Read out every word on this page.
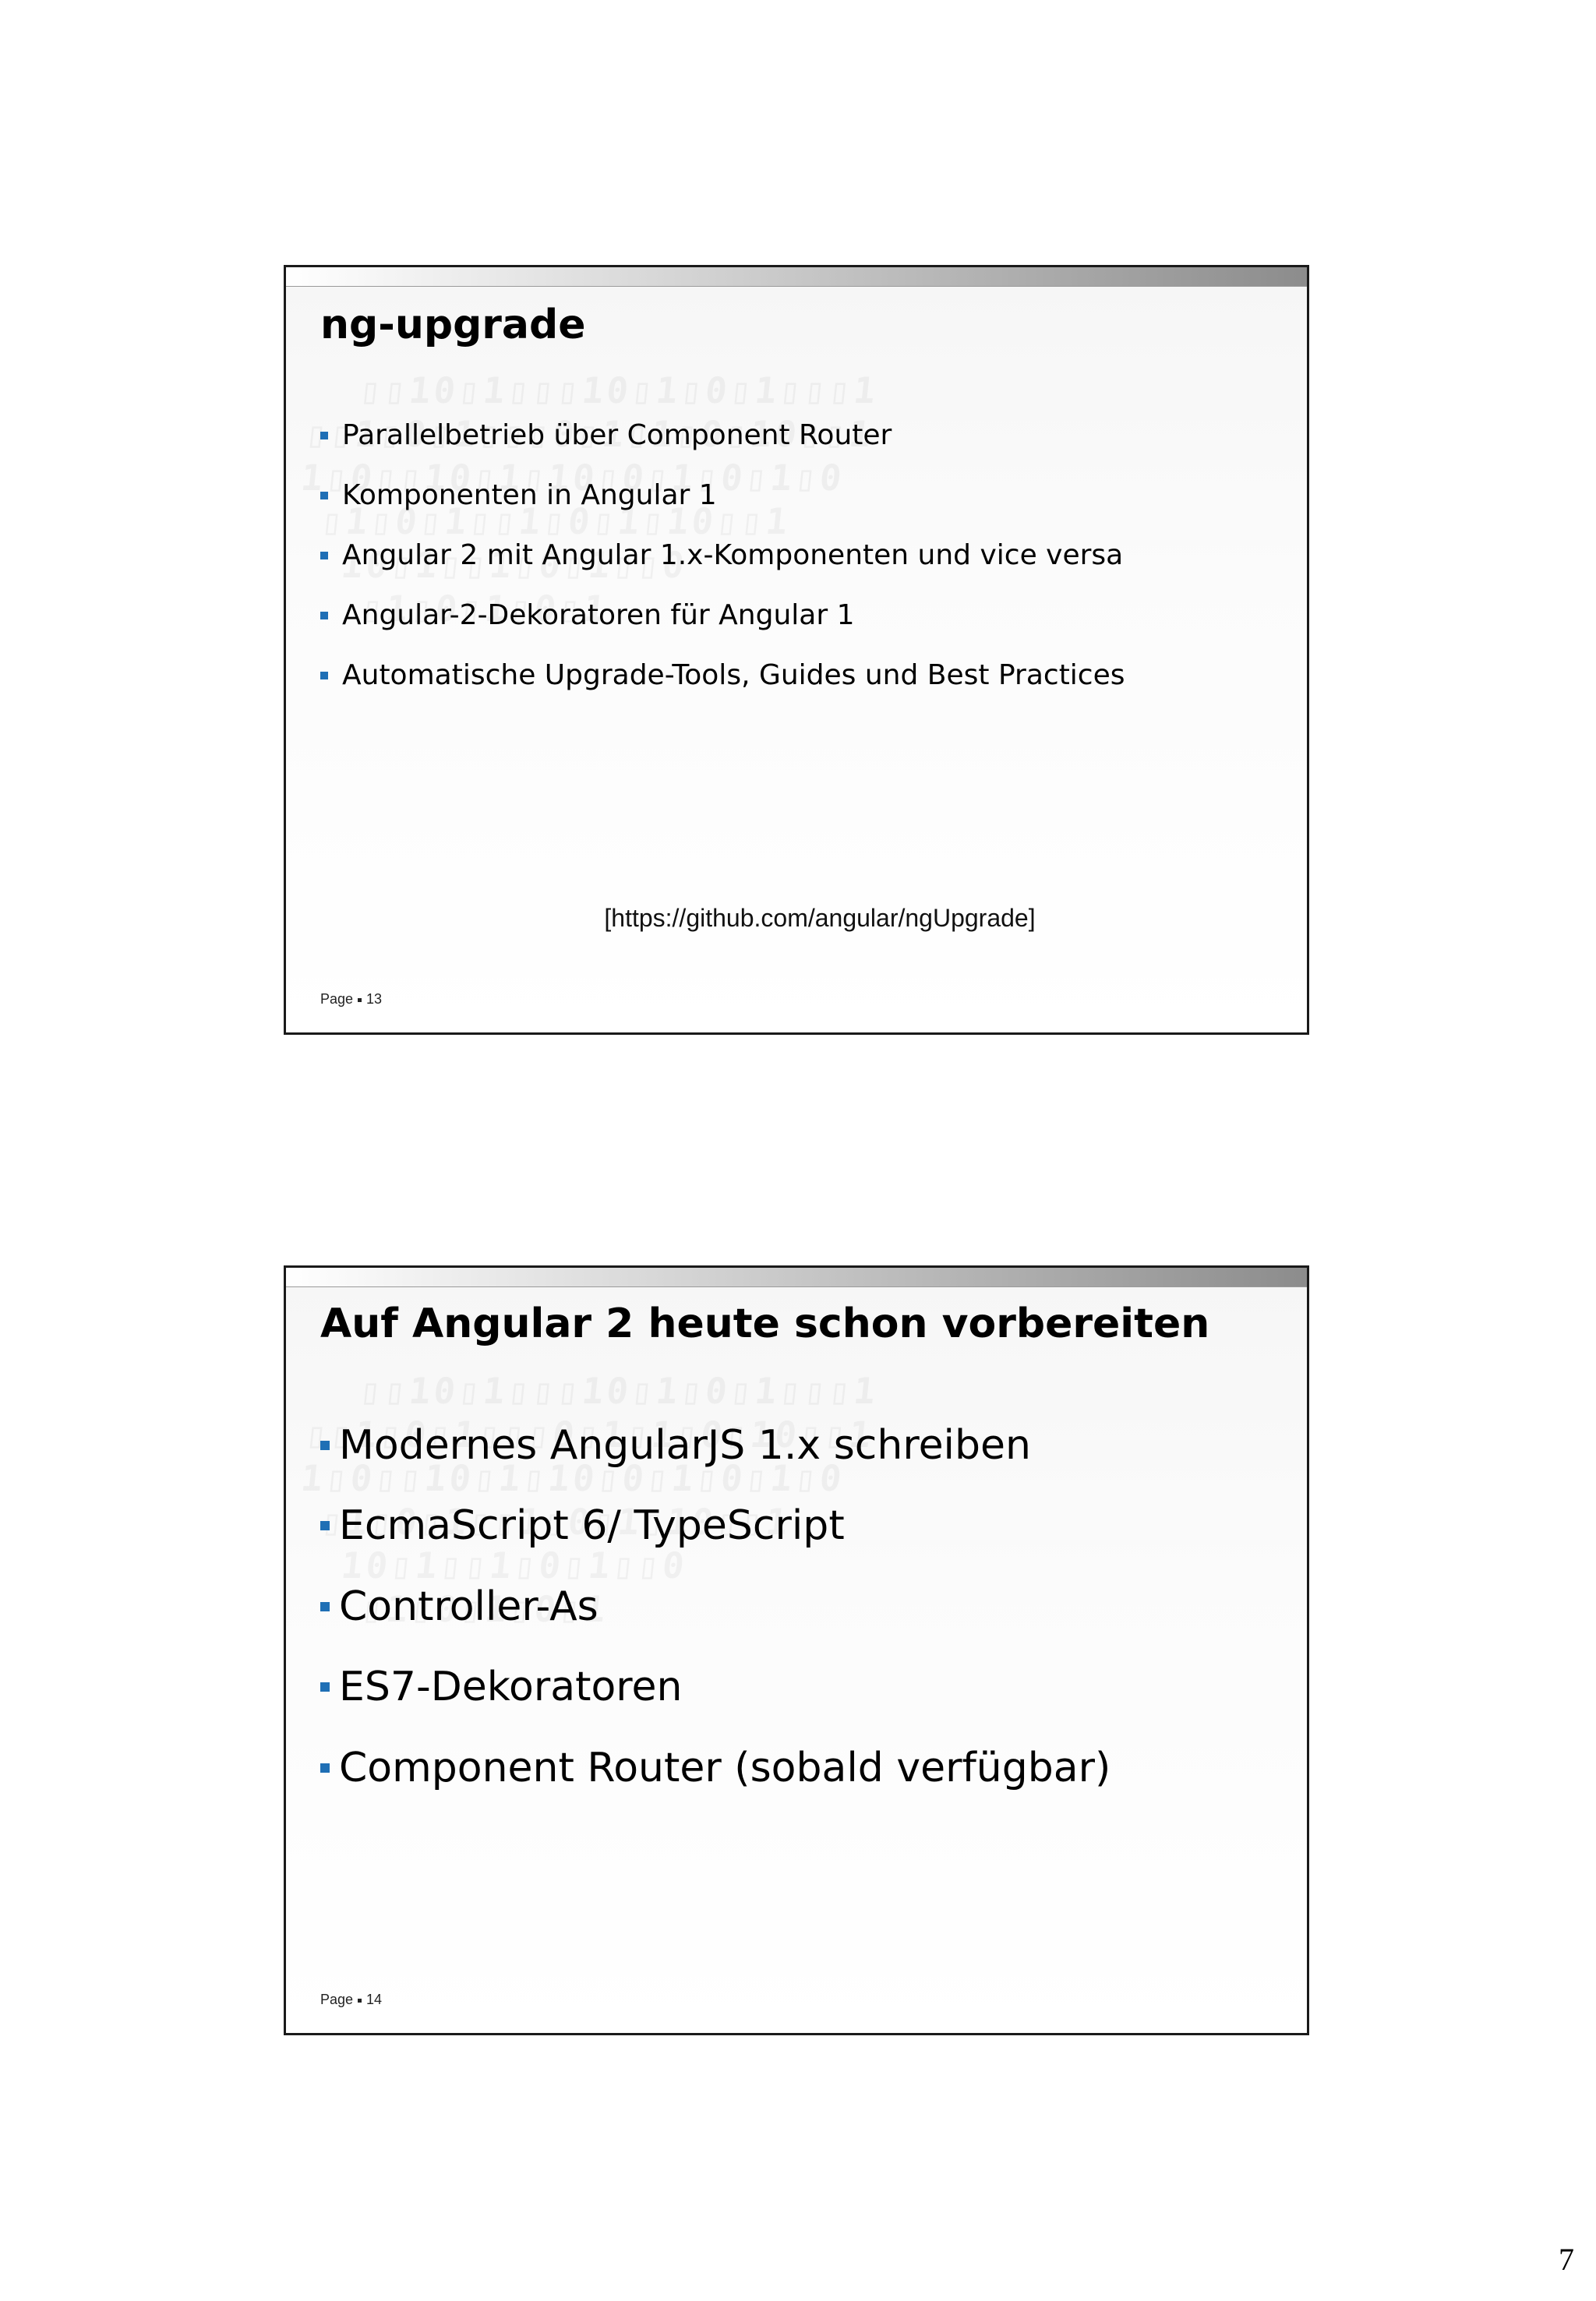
ng-upgrade
Parallelbetrieb über Component Router
Komponenten in Angular 1
Angular 2 mit Angular 1.x-Komponenten und vice versa
Angular-2-Dekoratoren für Angular 1
Automatische Upgrade-Tools, Guides und Best Practices
[https://github.com/angular/ngUpgrade]
Page 13
Auf Angular 2 heute schon vorbereiten
Modernes AngularJS 1.x schreiben
EcmaScript 6/ TypeScript
Controller-As
ES7-Dekoratoren
Component Router (sobald verfügbar)
Page 14
7
